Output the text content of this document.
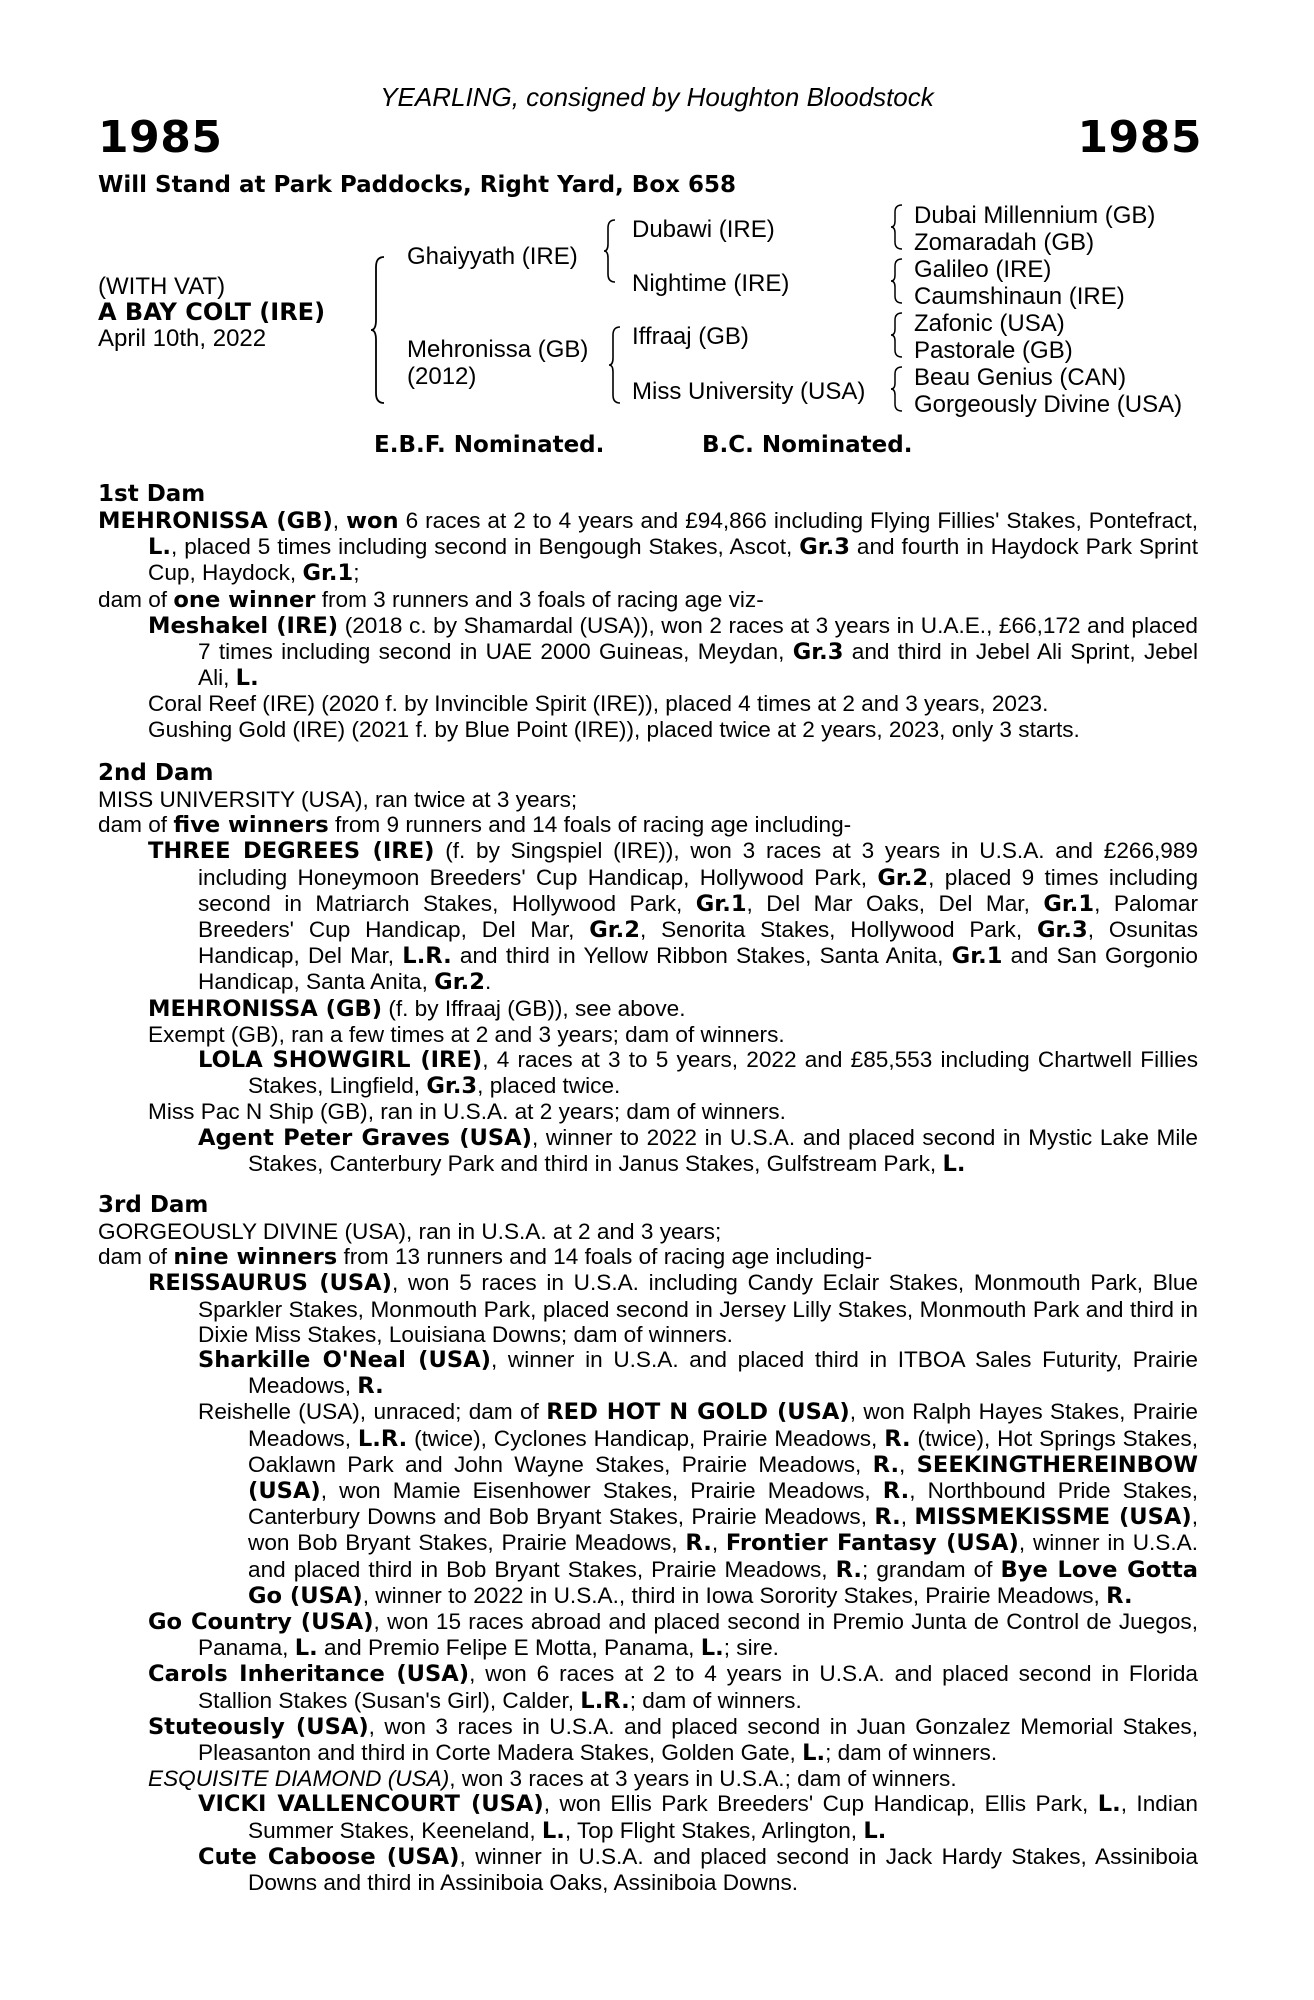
YEARLING, consigned by Houghton Bloodstock
1985	1985
Will Stand at Park Paddocks, Right Yard, Box 658
(WITH VAT)
A BAY COLT (IRE)
April 10th, 2022
Ghaiyyath (IRE)
Mehronissa (GB)
(2012)
Dubawi (IRE)
Nightime (IRE)
Iffraaj (GB)
Miss University (USA)
Dubai Millennium (GB)
Zomaradah (GB)
Galileo (IRE)
Caumshinaun (IRE)
Zafonic (USA)
Pastorale (GB)
Beau Genius (CAN)
Gorgeously Divine (USA)
E.B.F. Nominated.	B.C. Nominated.
1st Dam
MEHRONISSA (GB), won 6 races at 2 to 4 years and £94,866 including Flying Fillies' Stakes, Pontefract, L., placed 5 times including second in Bengough Stakes, Ascot, Gr.3 and fourth in Haydock Park Sprint Cup, Haydock, Gr.1;
dam of one winner from 3 runners and 3 foals of racing age viz-
Meshakel (IRE) (2018 c. by Shamardal (USA)), won 2 races at 3 years in U.A.E., £66,172 and placed 7 times including second in UAE 2000 Guineas, Meydan, Gr.3 and third in Jebel Ali Sprint, Jebel Ali, L.
Coral Reef (IRE) (2020 f. by Invincible Spirit (IRE)), placed 4 times at 2 and 3 years, 2023.
Gushing Gold (IRE) (2021 f. by Blue Point (IRE)), placed twice at 2 years, 2023, only 3 starts.
2nd Dam
MISS UNIVERSITY (USA), ran twice at 3 years;
dam of five winners from 9 runners and 14 foals of racing age including-
THREE DEGREES (IRE) (f. by Singspiel (IRE)), won 3 races at 3 years in U.S.A. and £266,989 including Honeymoon Breeders' Cup Handicap, Hollywood Park, Gr.2, placed 9 times including second in Matriarch Stakes, Hollywood Park, Gr.1, Del Mar Oaks, Del Mar, Gr.1, Palomar Breeders' Cup Handicap, Del Mar, Gr.2, Senorita Stakes, Hollywood Park, Gr.3, Osunitas Handicap, Del Mar, L.R. and third in Yellow Ribbon Stakes, Santa Anita, Gr.1 and San Gorgonio Handicap, Santa Anita, Gr.2.
MEHRONISSA (GB) (f. by Iffraaj (GB)), see above.
Exempt (GB), ran a few times at 2 and 3 years; dam of winners.
LOLA SHOWGIRL (IRE), 4 races at 3 to 5 years, 2022 and £85,553 including Chartwell Fillies Stakes, Lingfield, Gr.3, placed twice.
Miss Pac N Ship (GB), ran in U.S.A. at 2 years; dam of winners.
Agent Peter Graves (USA), winner to 2022 in U.S.A. and placed second in Mystic Lake Mile Stakes, Canterbury Park and third in Janus Stakes, Gulfstream Park, L.
3rd Dam
GORGEOUSLY DIVINE (USA), ran in U.S.A. at 2 and 3 years;
dam of nine winners from 13 runners and 14 foals of racing age including-
REISSAURUS (USA), won 5 races in U.S.A. including Candy Eclair Stakes, Monmouth Park, Blue Sparkler Stakes, Monmouth Park, placed second in Jersey Lilly Stakes, Monmouth Park and third in Dixie Miss Stakes, Louisiana Downs; dam of winners.
Sharkille O'Neal (USA), winner in U.S.A. and placed third in ITBOA Sales Futurity, Prairie Meadows, R.
Reishelle (USA), unraced; dam of RED HOT N GOLD (USA), won Ralph Hayes Stakes, Prairie Meadows, L.R. (twice), Cyclones Handicap, Prairie Meadows, R. (twice), Hot Springs Stakes, Oaklawn Park and John Wayne Stakes, Prairie Meadows, R., SEEKINGTHEREINBOW (USA), won Mamie Eisenhower Stakes, Prairie Meadows, R., Northbound Pride Stakes, Canterbury Downs and Bob Bryant Stakes, Prairie Meadows, R., MISSMEKISSME (USA), won Bob Bryant Stakes, Prairie Meadows, R., Frontier Fantasy (USA), winner in U.S.A. and placed third in Bob Bryant Stakes, Prairie Meadows, R.; grandam of Bye Love Gotta Go (USA), winner to 2022 in U.S.A., third in Iowa Sorority Stakes, Prairie Meadows, R.
Go Country (USA), won 15 races abroad and placed second in Premio Junta de Control de Juegos, Panama, L. and Premio Felipe E Motta, Panama, L.; sire.
Carols Inheritance (USA), won 6 races at 2 to 4 years in U.S.A. and placed second in Florida Stallion Stakes (Susan's Girl), Calder, L.R.; dam of winners.
Stuteously (USA), won 3 races in U.S.A. and placed second in Juan Gonzalez Memorial Stakes, Pleasanton and third in Corte Madera Stakes, Golden Gate, L.; dam of winners.
ESQUISITE DIAMOND (USA), won 3 races at 3 years in U.S.A.; dam of winners.
VICKI VALLENCOURT (USA), won Ellis Park Breeders' Cup Handicap, Ellis Park, L., Indian Summer Stakes, Keeneland, L., Top Flight Stakes, Arlington, L.
Cute Caboose (USA), winner in U.S.A. and placed second in Jack Hardy Stakes, Assiniboia Downs and third in Assiniboia Oaks, Assiniboia Downs.
